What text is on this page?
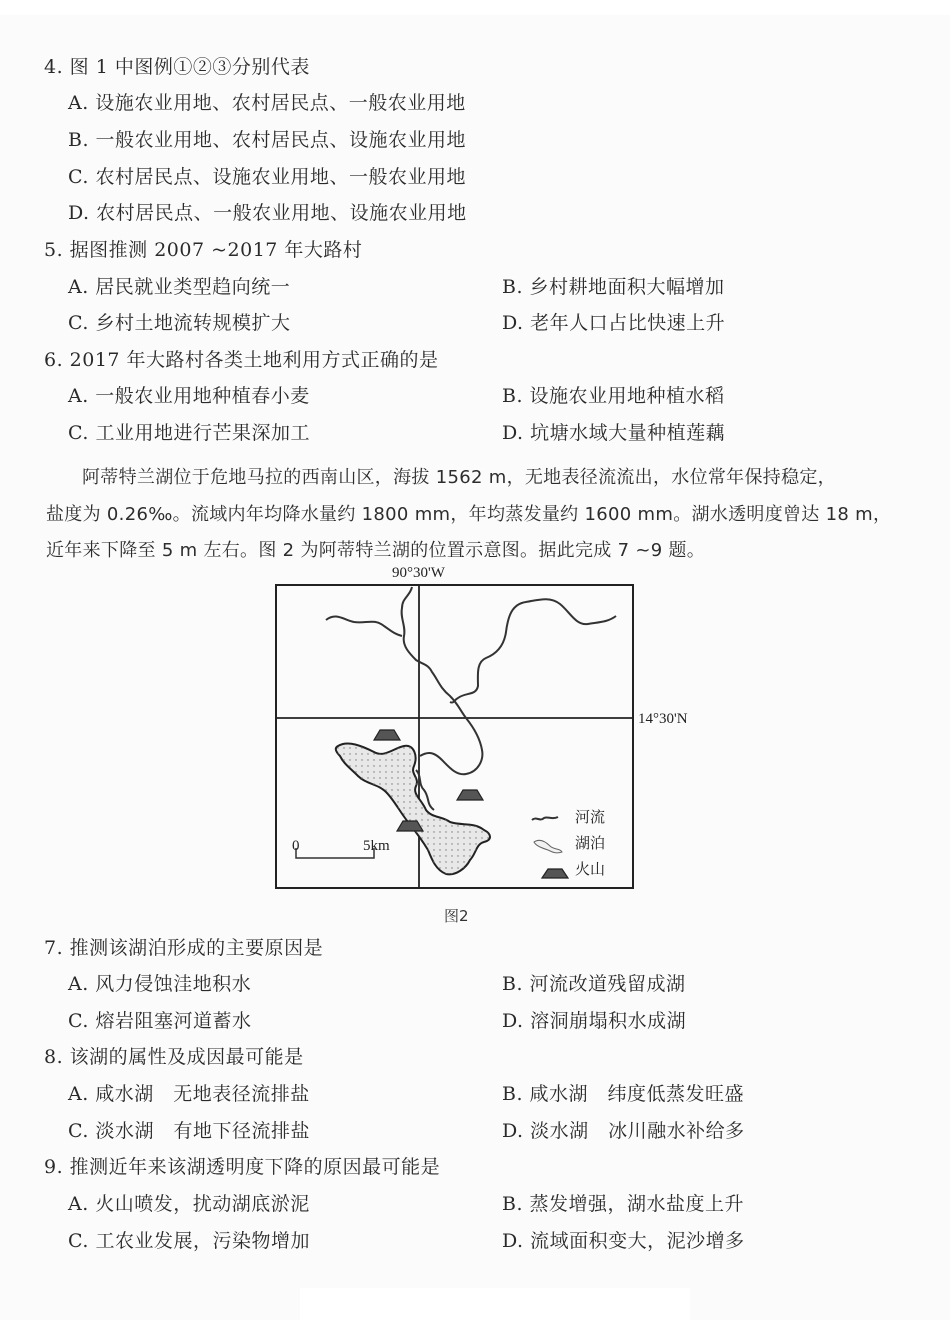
4. 图 1 中图例①②③分别代表
A. 设施农业用地、农村居民点、一般农业用地
B. 一般农业用地、农村居民点、设施农业用地
C. 农村居民点、设施农业用地、一般农业用地
D. 农村居民点、一般农业用地、设施农业用地
5. 据图推测 2007 ~2017 年大路村
A. 居民就业类型趋向统一	B. 乡村耕地面积大幅增加
C. 乡村土地流转规模扩大	D. 老年人口占比快速上升
6. 2017 年大路村各类土地利用方式正确的是
A. 一般农业用地种植春小麦	B. 设施农业用地种植水稻
C. 工业用地进行芒果深加工	D. 坑塘水域大量种植莲藕
阿蒂特兰湖位于危地马拉的西南山区，海拔 1562 m，无地表径流流出，水位常年保持稳定，
盐度为 0.26‰。流域内年均降水量约 1800 mm，年均蒸发量约 1600 mm。湖水透明度曾达 18 m，
近年来下降至 5 m 左右。图 2 为阿蒂特兰湖的位置示意图。据此完成 7 ~9 题。
90°30'W
14°30'N
0	5km
河流
湖泊
火山
图2
7. 推测该湖泊形成的主要原因是
A. 风力侵蚀洼地积水	B. 河流改道残留成湖
C. 熔岩阻塞河道蓄水	D. 溶洞崩塌积水成湖
8. 该湖的属性及成因最可能是
A. 咸水湖　无地表径流排盐	B. 咸水湖　纬度低蒸发旺盛
C. 淡水湖　有地下径流排盐	D. 淡水湖　冰川融水补给多
9. 推测近年来该湖透明度下降的原因最可能是
A. 火山喷发，扰动湖底淤泥	B. 蒸发增强，湖水盐度上升
C. 工农业发展，污染物增加	D. 流域面积变大，泥沙增多
